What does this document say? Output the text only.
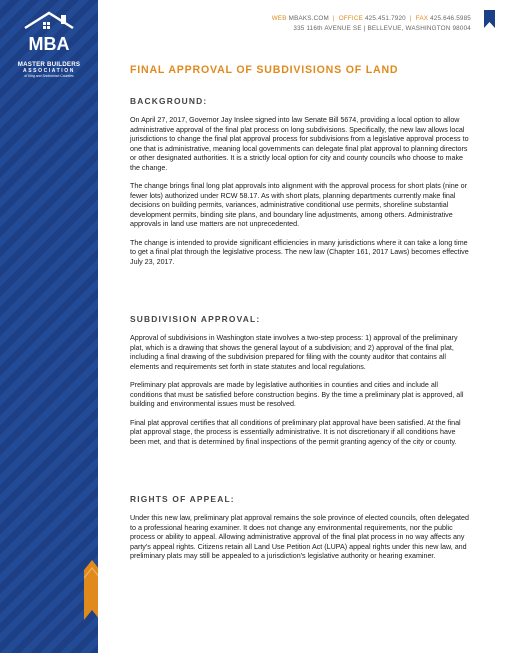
MBA
MASTER BUILDERS
ASSOCIATION
of King and Snohomish Counties
WEB MBAKS.COM | OFFICE 425.451.7920 | FAX 425.646.5985
335 116th AVENUE SE | BELLEVUE, WASHINGTON 98004
FINAL APPROVAL OF SUBDIVISIONS OF LAND
BACKGROUND:

On April 27, 2017, Governor Jay Inslee signed into law Senate Bill 5674, providing a local option to allow administrative approval of the final plat process on long subdivisions. Specifically, the new law allows local jurisdictions to change the final plat approval process for subdivisions from a legislative approval process to one that is administrative, meaning local governments can delegate final plat approval to planning directors or other designated authorities. It is a strictly local option for city and county councils who choose to make the change.

The change brings final long plat approvals into alignment with the approval process for short plats (nine or fewer lots) authorized under RCW 58.17. As with short plats, planning departments currently make final decisions on building permits, variances, administrative conditional use permits, shoreline substantial development permits, binding site plans, and boundary line adjustments, among others. Administrative approvals in land use matters are not unprecedented.

The change is intended to provide significant efficiencies in many jurisdictions where it can take a long time to get a final plat through the legislative process. The new law (Chapter 161, 2017 Laws) becomes effective July 23, 2017.

SUBDIVISION APPROVAL:

Approval of subdivisions in Washington state involves a two-step process: 1) approval of the preliminary plat, which is a drawing that shows the general layout of a subdivision; and 2) approval of the final plat, including a final drawing of the subdivision prepared for filing with the county auditor that contains all elements and requirements set forth in state statutes and local regulations.

Preliminary plat approvals are made by legislative authorities in counties and cities and include all conditions that must be satisfied before construction begins. By the time a preliminary plat is approved, all building and environmental issues must be resolved.

Final plat approval certifies that all conditions of preliminary plat approval have been satisfied. At the final plat approval stage, the process is essentially administrative. It is not discretionary if all conditions have been met, and that is determined by final inspections of the permit granting agency of the city or county.

RIGHTS OF APPEAL:

Under this new law, preliminary plat approval remains the sole province of elected councils, often delegated to a professional hearing examiner. It does not change any environmental requirements, nor the public process or ability to appeal. Allowing administrative approval of the final plat process in no way affects any party's appeal rights. Citizens retain all Land Use Petition Act (LUPA) appeal rights under this new law, and preliminary plats may still be appealed to a jurisdiction's legislative authority or hearing examiner.
